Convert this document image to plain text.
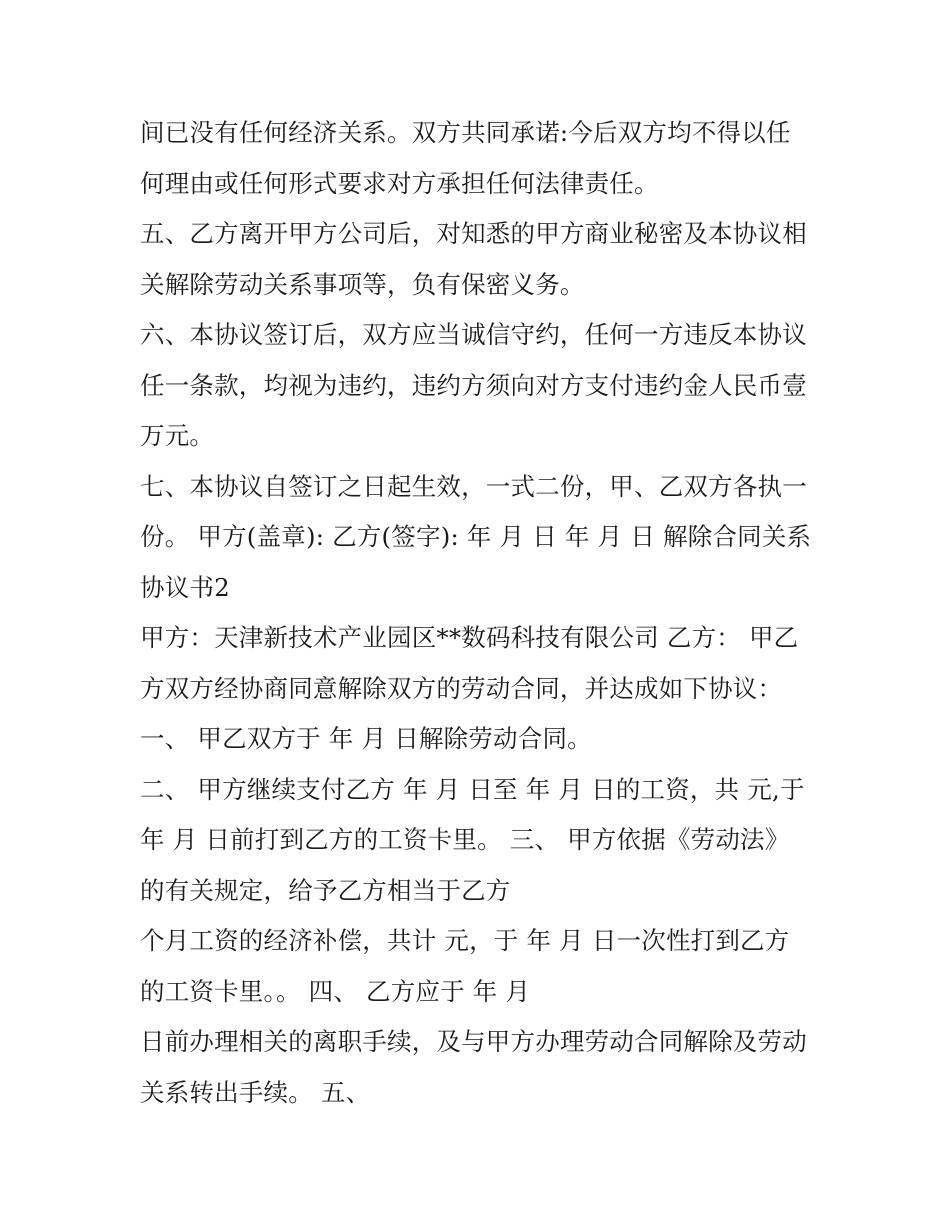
间已没有任何经济关系。双方共同承诺:今后双方均不得以任
何理由或任何形式要求对方承担任何法律责任。
五、乙方离开甲方公司后，对知悉的甲方商业秘密及本协议相
关解除劳动关系事项等，负有保密义务。
六、本协议签订后，双方应当诚信守约，任何一方违反本协议
任一条款，均视为违约，违约方须向对方支付违约金人民币壹
万元。
七、本协议自签订之日起生效，一式二份，甲、乙双方各执一
份。 甲方(盖章): 乙方(签字): 年 月 日 年 月 日 解除合同关系
协议书2
甲方：天津新技术产业园区**数码科技有限公司 乙方： 甲乙
方双方经协商同意解除双方的劳动合同，并达成如下协议：
一、 甲乙双方于 年 月 日解除劳动合同。
二、 甲方继续支付乙方 年 月 日至 年 月 日的工资，共 元,于
年 月 日前打到乙方的工资卡里。 三、 甲方依据《劳动法》
的有关规定，给予乙方相当于乙方
个月工资的经济补偿，共计 元，于 年 月 日一次性打到乙方
的工资卡里。。 四、 乙方应于 年 月
日前办理相关的离职手续，及与甲方办理劳动合同解除及劳动
关系转出手续。 五、
